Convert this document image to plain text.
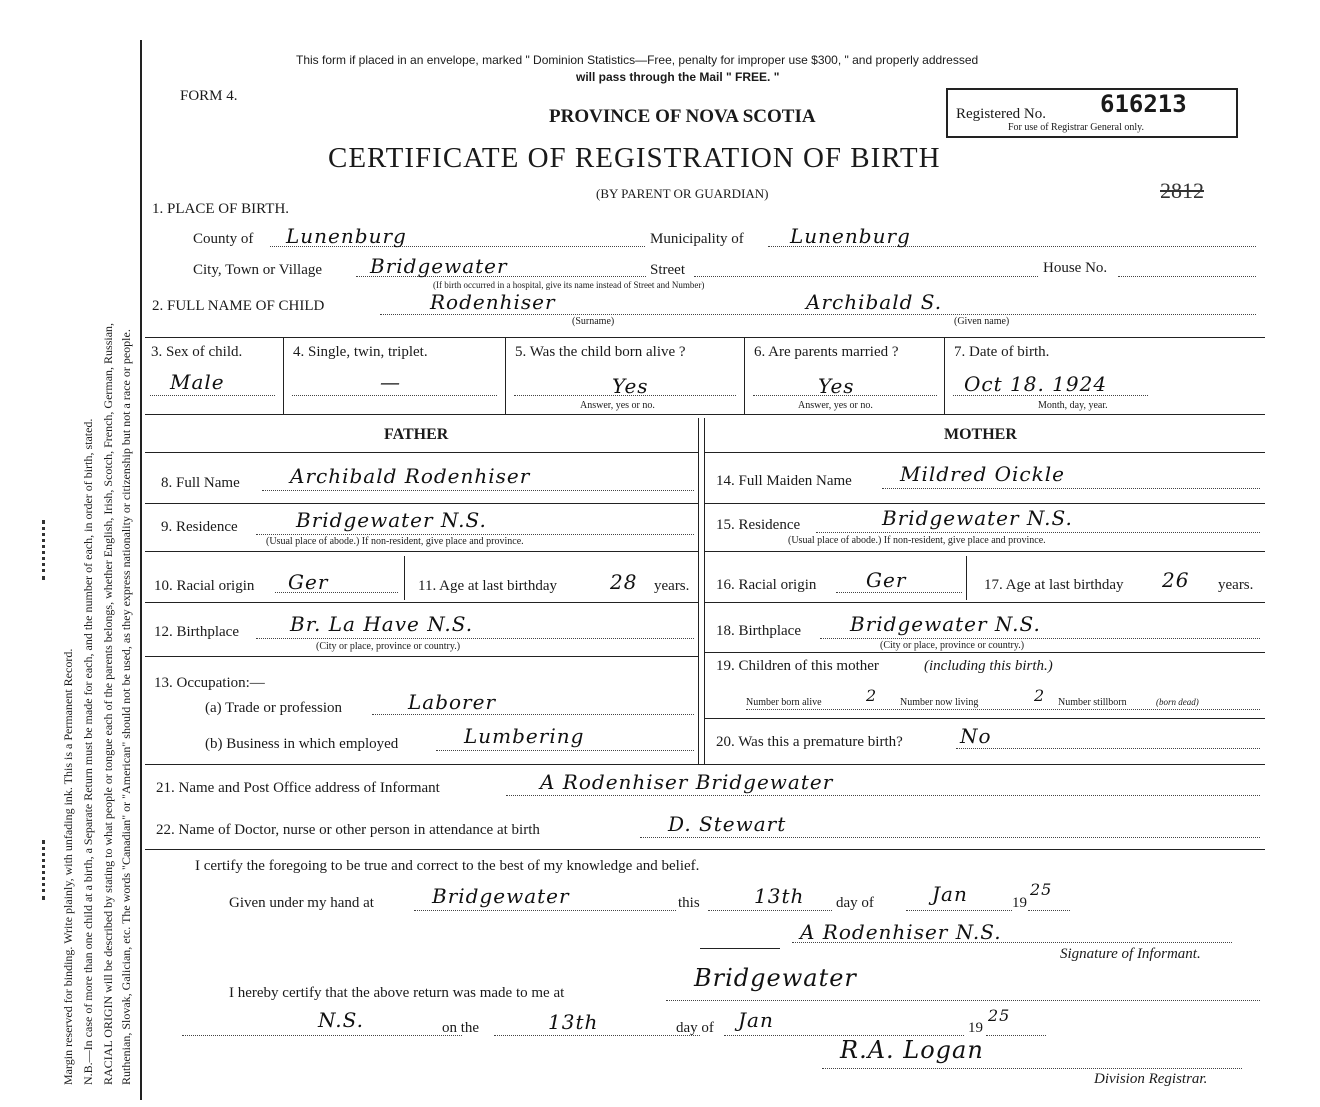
Margin reserved for binding. Write plainly, with unfading ink. This is a Permanent Record. N.B.—In case of more than one child at a birth, a Separate Return must be made for each, and the number of each, in order of birth, stated. RACIAL ORIGIN will be described by stating to what people or tongue each of the parents belongs, whether English, Irish, Scotch, French, German, Russian, Ruthenian, Slovak, Galician, etc. The words "Canadian" or "American" should not be used, as they express nationality or citizenship but not a race or people.
This form if placed in an envelope, marked " Dominion Statistics—Free, penalty for improper use $300, " and properly addressed
will pass through the Mail " FREE. "
FORM 4.
PROVINCE OF NOVA SCOTIA
CERTIFICATE OF REGISTRATION OF BIRTH
(BY PARENT OR GUARDIAN)
Registered No. 616213
For use of Registrar General only.
2812
1. PLACE OF BIRTH.
County of Lunenburg	Municipality of Lunenburg
City, Town or Village Bridgewater	Street	House No.
(If birth occurred in a hospital, give its name instead of Street and Number)
2. FULL NAME OF CHILD	Rodenhiser	Archibald S.
(Surname)	(Given name)
3. Sex of child.
Male
4. Single, twin, triplet.
—
5. Was the child born alive ?
Yes
Answer, yes or no.
6. Are parents married ?
Yes
Answer, yes or no.
7. Date of birth.
Oct 18. 1924
Month, day, year.
FATHER	MOTHER
8. Full Name	Archibald Rodenhiser
9. Residence	Bridgewater N.S.
(Usual place of abode.) If non-resident, give place and province.
10. Racial origin Ger	11. Age at last birthday	28 years.
12. Birthplace	Br. La Have N.S.
(City or place, province or country.)
13. Occupation:—
(a) Trade or profession	Laborer
(b) Business in which employed	Lumbering
14. Full Maiden Name Mildred Oickle
15. Residence	Bridgewater N.S.
(Usual place of abode.) If non-resident, give place and province.
16. Racial origin Ger	17. Age at last birthday 26 years.
18. Birthplace Bridgewater N.S.
(City or place, province or country.)
19. Children of this mother	(including this birth.)
Number born alive	2 Number now living	2 Number stillborn	(born dead)
20. Was this a premature birth?	No
21. Name and Post Office address of Informant	A Rodenhiser Bridgewater
22. Name of Doctor, nurse or other person in attendance at birth	D. Stewart
I certify the foregoing to be true and correct to the best of my knowledge and belief.
Given under my hand at	Bridgewater	this	13th day of	Jan	19
25
A Rodenhiser N.S.
Signature of Informant.
I hereby certify that the above return was made to me at
Bridgewater
N.S.	on the	13th	day of Jan	19
25
R.A. Logan
Division Registrar.
